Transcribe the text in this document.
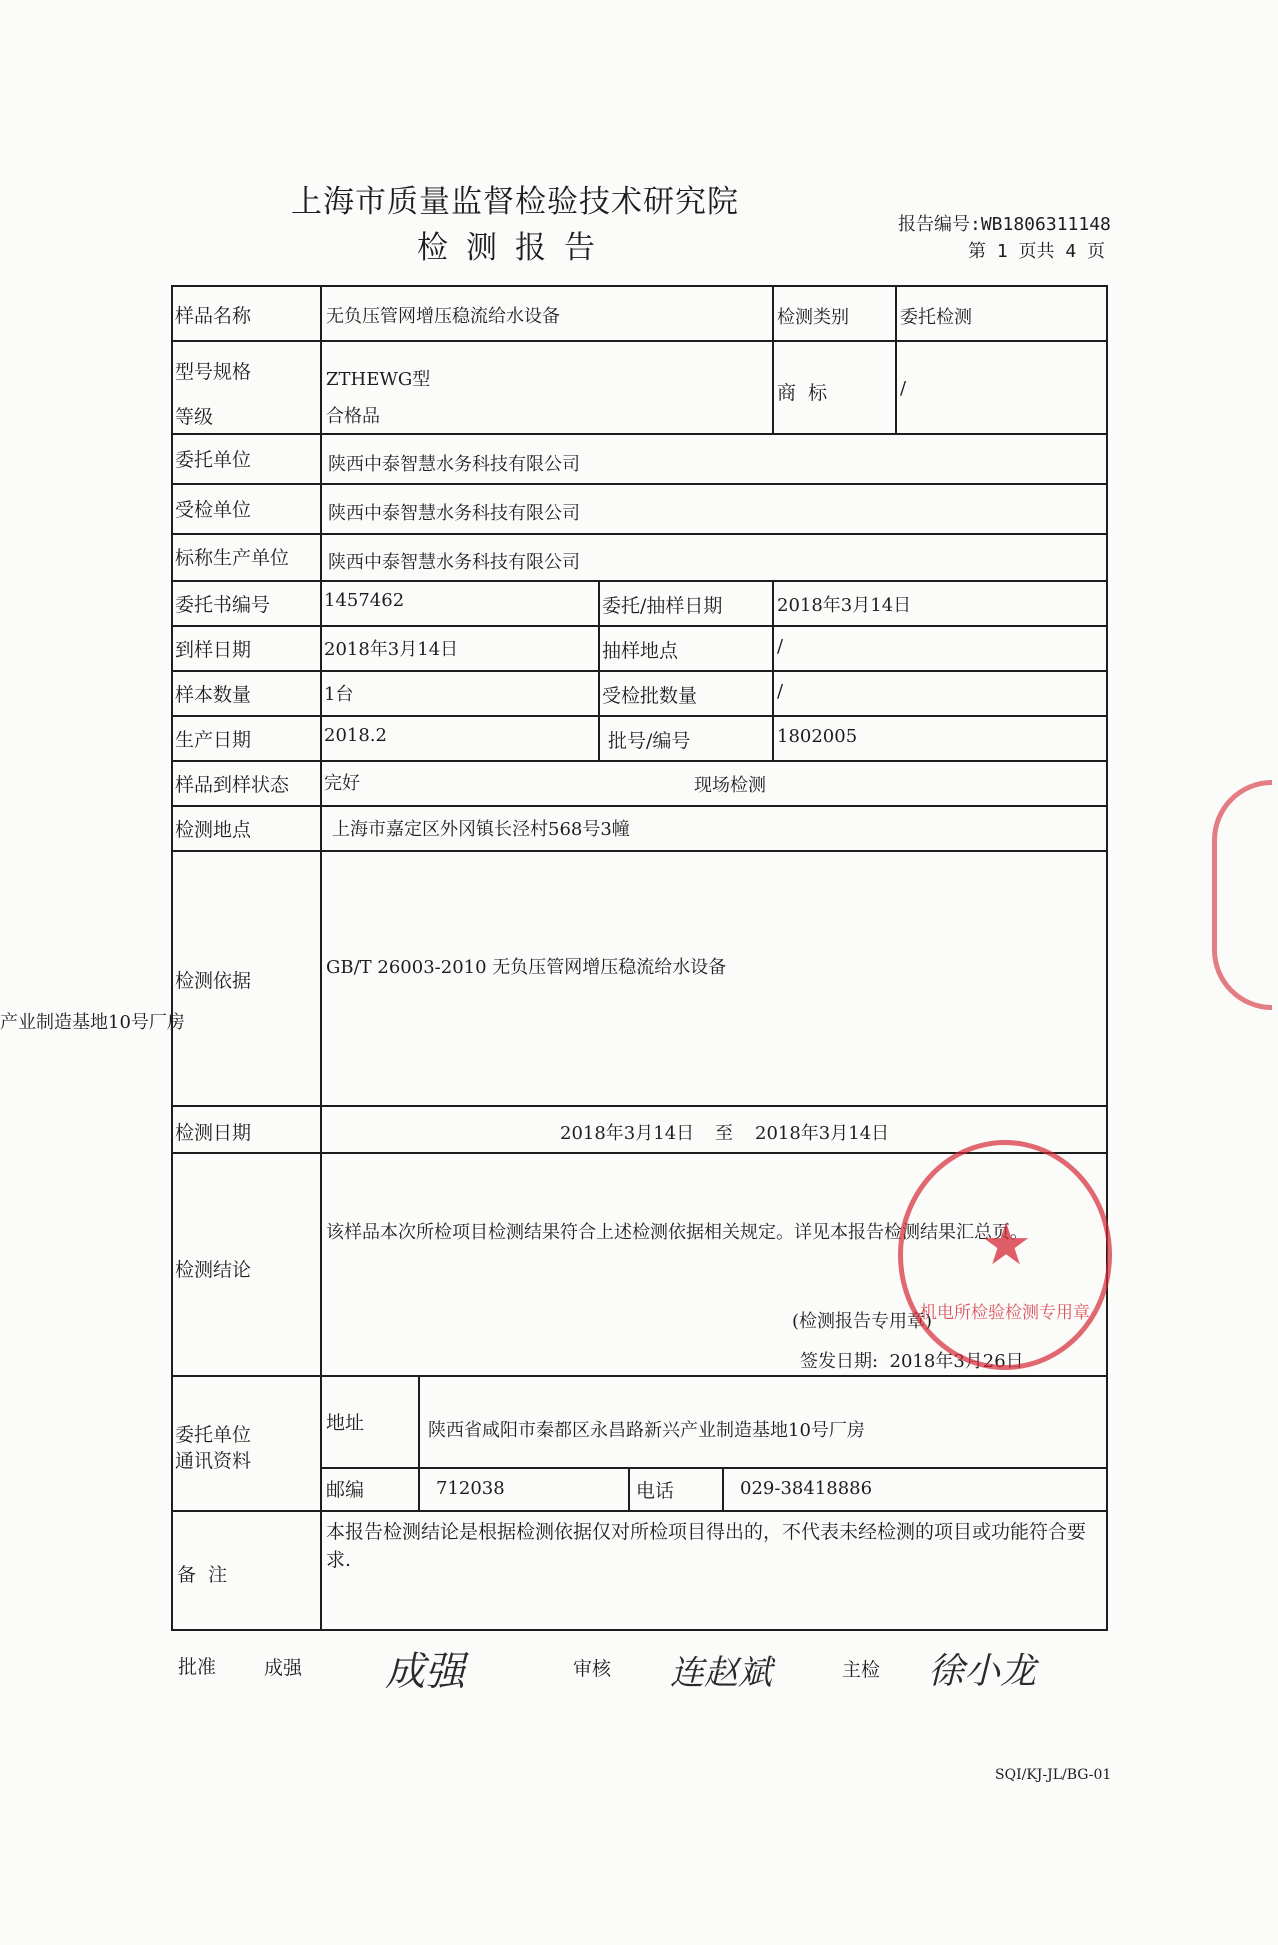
上海市质量监督检验技术研究院
检测报告
报告编号:WB1806311148
第 1 页共 4 页
产业制造基地10号厂房
样品名称	无负压管网增压稳流给水设备	检测类别	委托检测
型号规格	ZTHEWG型
等级	合格品
商  标	/
委托单位	陕西中泰智慧水务科技有限公司
受检单位	陕西中泰智慧水务科技有限公司
标称生产单位 陕西中泰智慧水务科技有限公司
委托书编号	1457462	委托/抽样日期	2018年3月14日
到样日期	2018年3月14日	抽样地点	/
样本数量	1台	受检批数量	/
生产日期	2018.2	批号/编号	1802005
样品到样状态 完好	现场检测
检测地点	上海市嘉定区外冈镇长泾村568号3幢
检测依据
GB/T 26003-2010 无负压管网增压稳流给水设备
检测日期	2018年3月14日 至 2018年3月14日
检测结论
该样品本次所检项目检测结果符合上述检测依据相关规定。详见本报告检测结果汇总页。
(检测报告专用章)
签发日期:  2018年3月26日
委托单位
通讯资料
地址	陕西省咸阳市秦都区永昌路新兴产业制造基地10号厂房
邮编	712038	电话	029-38418886
备  注
本报告检测结论是根据检测依据仅对所检项目得出的，不代表未经检测的项目或功能符合要
求.
批准	成强 成强	审核 连赵斌	主检 徐小龙
SQI/KJ-JL/BG-01
★
机电所检验检测专用章
